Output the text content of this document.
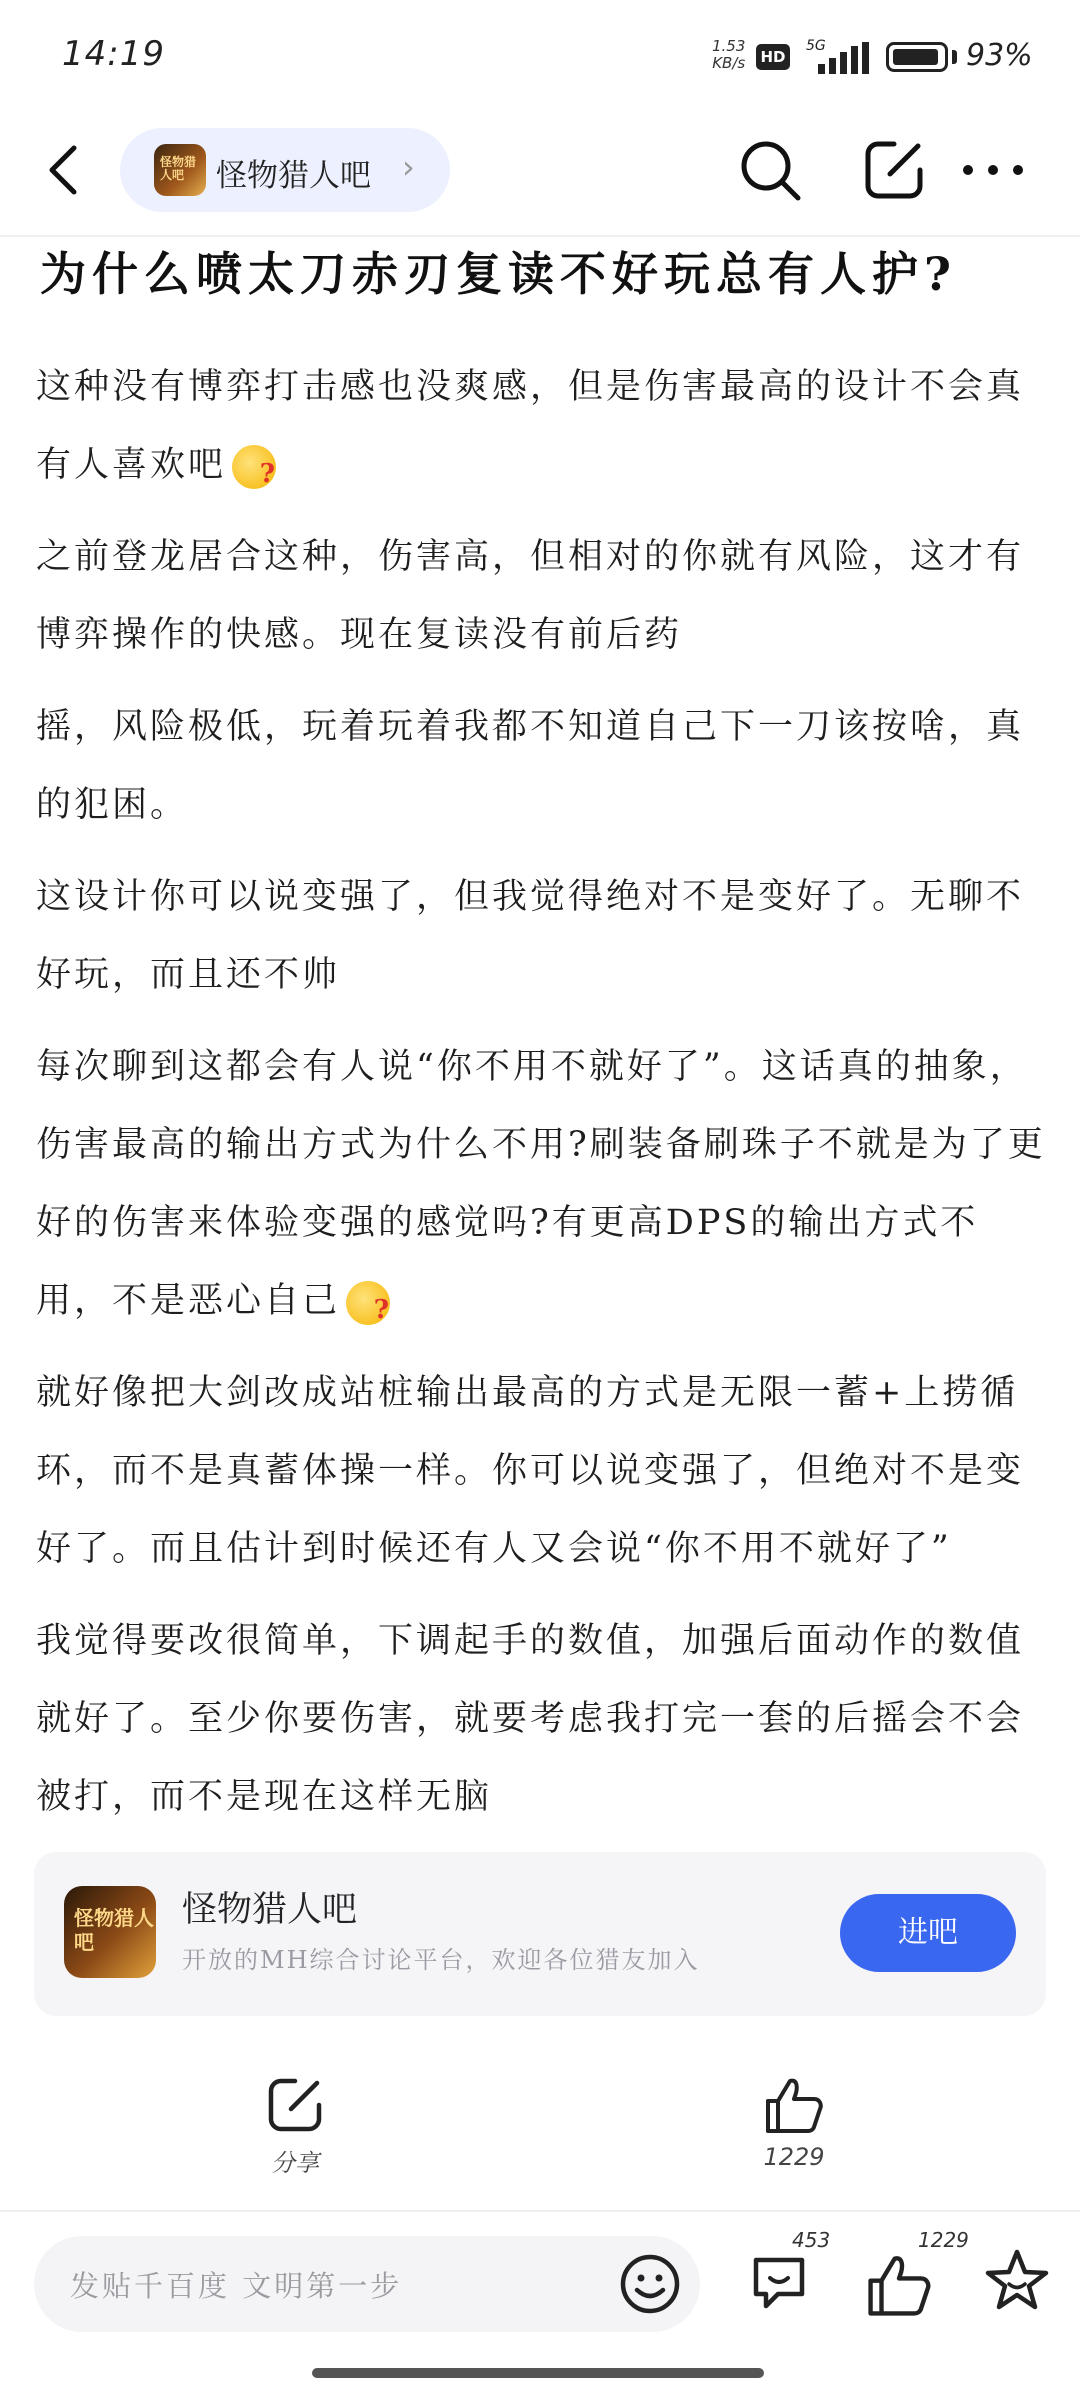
14:19	1.53
KB/s HD
5G	93%
怪物猎人吧	怪物猎人吧 ›
为什么喷太刀赤刃复读不好玩总有人护?

这种没有博弈打击感也没爽感，但是伤害最高的设计不会真有人喜欢吧?

之前登龙居合这种，伤害高，但相对的你就有风险，这才有博弈操作的快感。现在复读没有前后药

摇，风险极低，玩着玩着我都不知道自己下一刀该按啥，真的犯困。

这设计你可以说变强了，但我觉得绝对不是变好了。无聊不好玩，而且还不帅

每次聊到这都会有人说“你不用不就好了”。这话真的抽象，伤害最高的输出方式为什么不用?刷装备刷珠子不就是为了更好的伤害来体验变强的感觉吗?有更高DPS的输出方式不用，不是恶心自己?

就好像把大剑改成站桩输出最高的方式是无限一蓄+上捞循环，而不是真蓄体操一样。你可以说变强了，但绝对不是变好了。而且估计到时候还有人又会说“你不用不就好了”

我觉得要改很简单，下调起手的数值，加强后面动作的数值就好了。至少你要伤害，就要考虑我打完一套的后摇会不会被打，而不是现在这样无脑

怪物猎人吧
怪物猎人吧
开放的MH综合讨论平台，欢迎各位猎友加入
进吧
分享	1229
发贴千百度 文明第一步
453	1229
